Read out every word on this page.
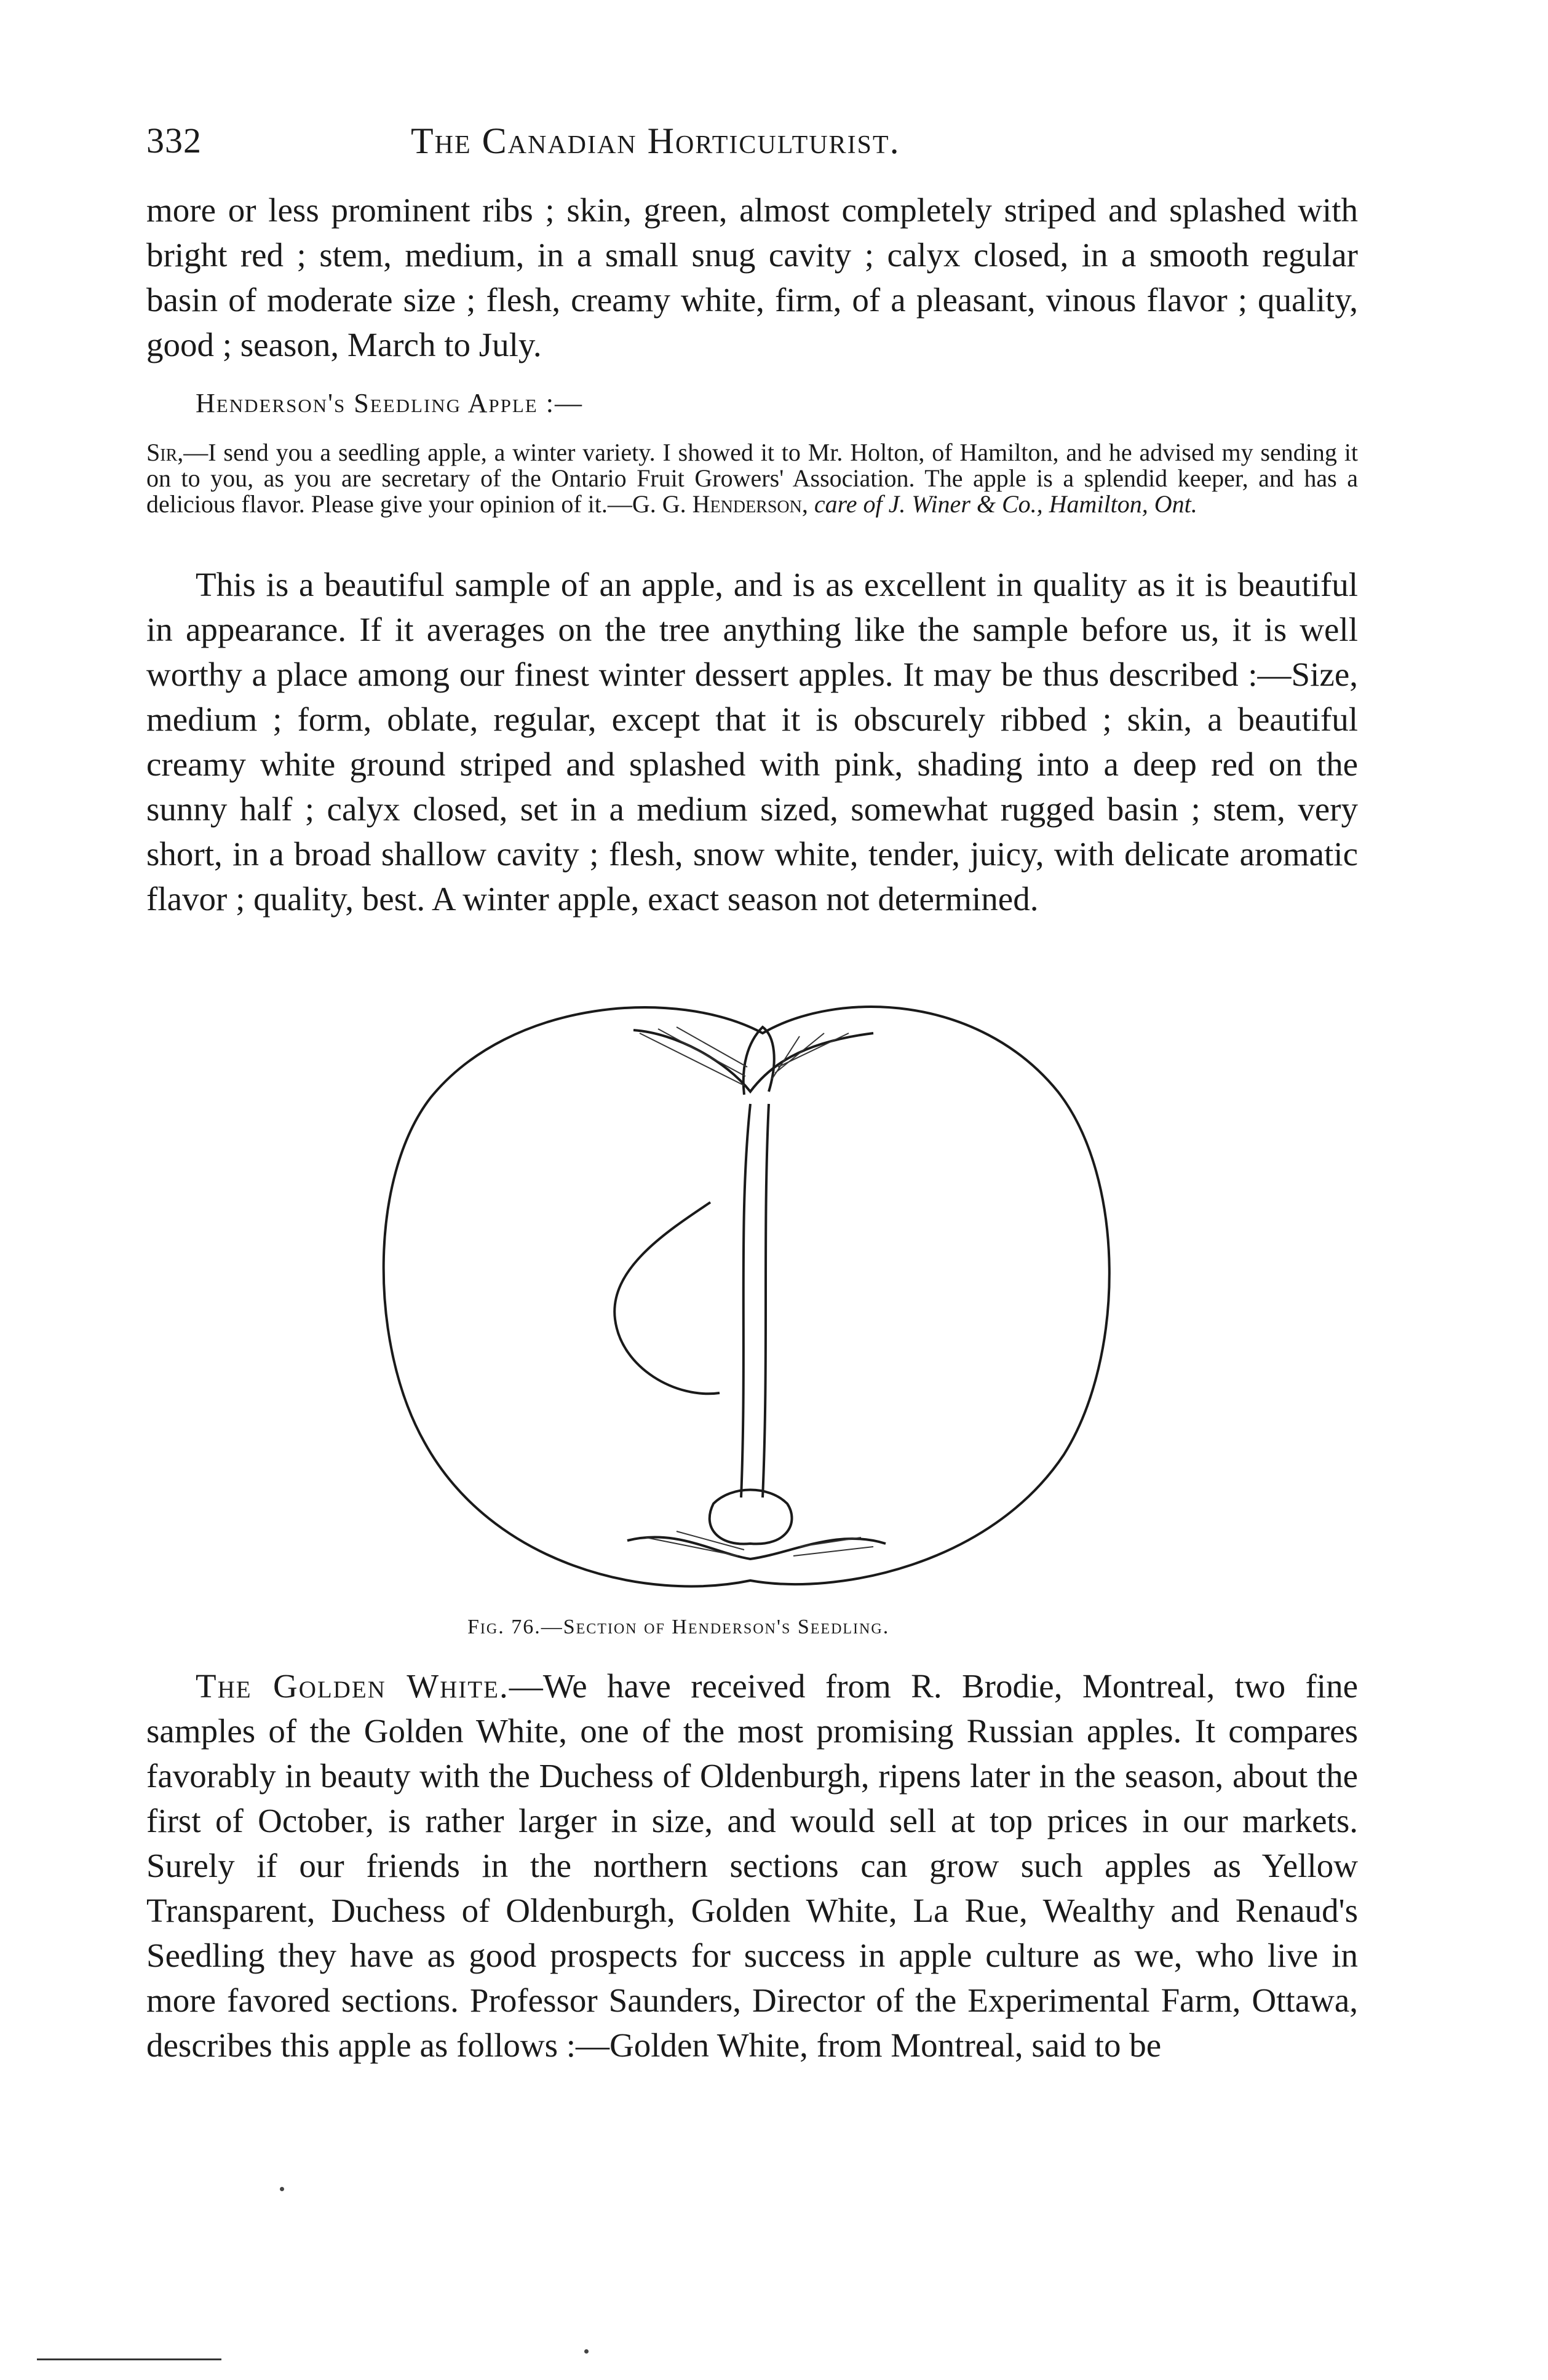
332	The Canadian Horticulturist.

more or less prominent ribs ; skin, green, almost completely striped and splashed with bright red ; stem, medium, in a small snug cavity ; calyx closed, in a smooth regular basin of moderate size ; flesh, creamy white, firm, of a pleasant, vinous flavor ; quality, good ; season, March to July.

Henderson's Seedling Apple :—

Sir,—I send you a seedling apple, a winter variety. I showed it to Mr. Holton, of Hamilton, and he advised my sending it on to you, as you are secretary of the Ontario Fruit Growers' Association. The apple is a splendid keeper, and has a delicious flavor. Please give your opinion of it.—G. G. Henderson, care of J. Winer & Co., Hamilton, Ont.

This is a beautiful sample of an apple, and is as excellent in quality as it is beautiful in appearance. If it averages on the tree anything like the sample before us, it is well worthy a place among our finest winter dessert apples. It may be thus described :—Size, medium ; form, oblate, regular, except that it is obscurely ribbed ; skin, a beautiful creamy white ground striped and splashed with pink, shading into a deep red on the sunny half ; calyx closed, set in a medium sized, somewhat rugged basin ; stem, very short, in a broad shallow cavity ; flesh, snow white, tender, juicy, with delicate aromatic flavor ; quality, best. A winter apple, exact season not determined.

Fig. 76.—Section of Henderson's Seedling.

The Golden White.—We have received from R. Brodie, Montreal, two fine samples of the Golden White, one of the most promising Russian apples. It compares favorably in beauty with the Duchess of Oldenburgh, ripens later in the season, about the first of October, is rather larger in size, and would sell at top prices in our markets. Surely if our friends in the northern sections can grow such apples as Yellow Transparent, Duchess of Oldenburgh, Golden White, La Rue, Wealthy and Renaud's Seedling they have as good prospects for success in apple culture as we, who live in more favored sections. Professor Saunders, Director of the Experimental Farm, Ottawa, describes this apple as follows :—Golden White, from Montreal, said to be
